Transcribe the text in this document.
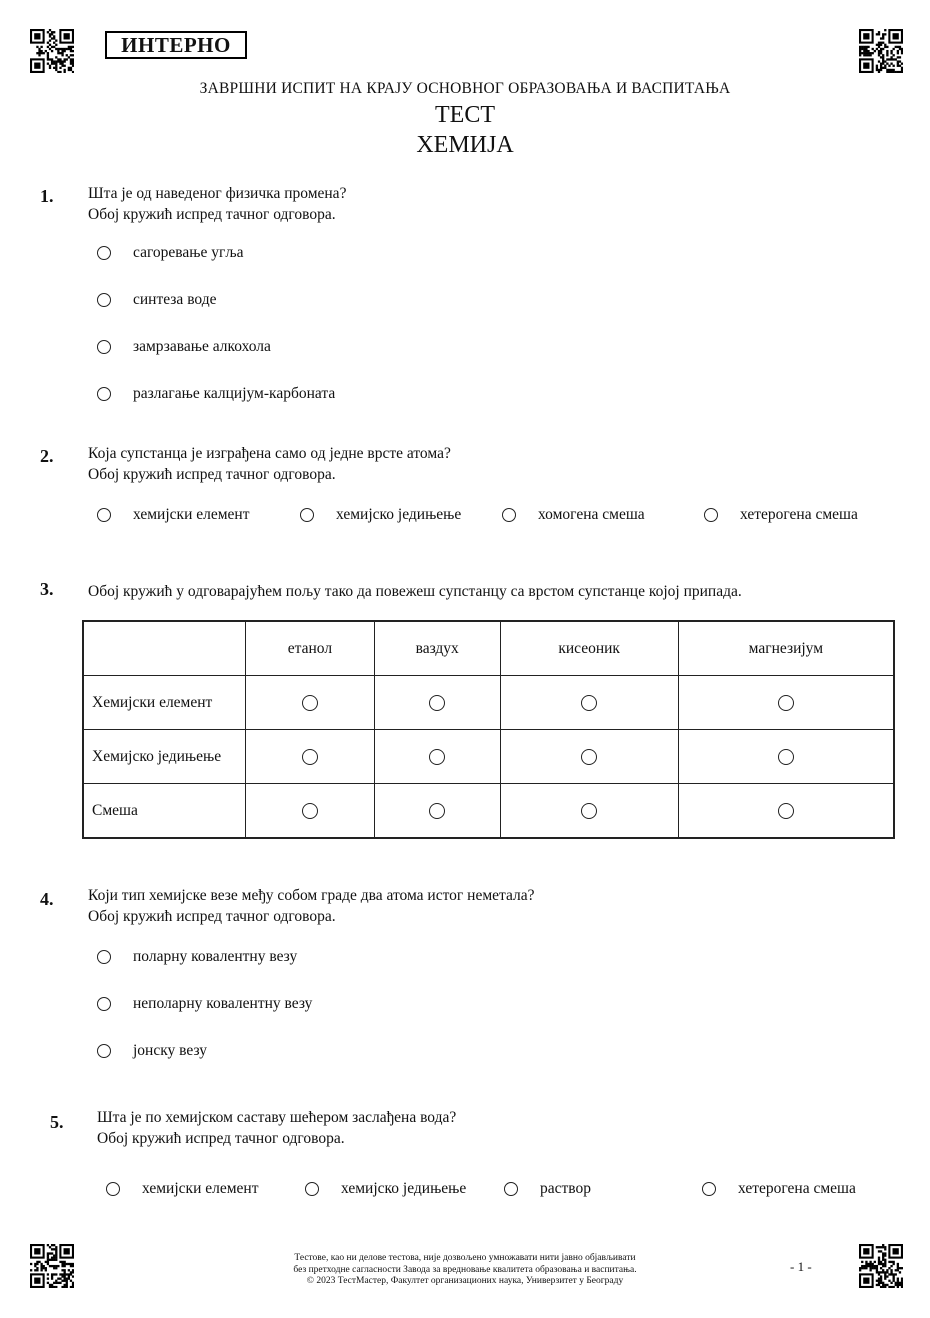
ИНТЕРНО
ЗАВРШНИ ИСПИТ НА КРАЈУ ОСНОВНОГ ОБРАЗОВАЊА И ВАСПИТАЊА
ТЕСТ
ХЕМИЈА
1. Шта је од наведеног физичка промена?
Обој кружић испред тачног одговора.
сагоревање угља
синтеза воде
замрзавање алкохола
разлагање калцијум-карбоната
2. Која супстанца је изграђена само од једне врсте атома?
Обој кружић испред тачног одговора.
хемијски елемент	хемијско једињење	хомогена смеша	хетерогена смеша
3. Обој кружић у одговарајућем пољу тако да повежеш супстанцу са врстом супстанце којој припада.
	етанол	ваздух	кисеоник	магнезијум
Хемијски елемент				
Хемијско једињење				
Смеша				
4. Који тип хемијске везе међу собом граде два атома истог неметала?
Обој кружић испред тачног одговора.
поларну ковалентну везу
неполарну ковалентну везу
јонску везу
5. Шта је по хемијском саставу шећером заслађена вода?
Обој кружић испред тачног одговора.
хемијски елемент	хемијско једињење	раствор	хетерогена смеша
Тестове, као ни делове тестова, није дозвољено умножавати нити јавно објављивати
без претходне сагласности Завода за вредновање квалитета образовања и васпитања.
© 2023 ТестМастер, Факултет организационих наука, Универзитет у Београду
- 1 -
